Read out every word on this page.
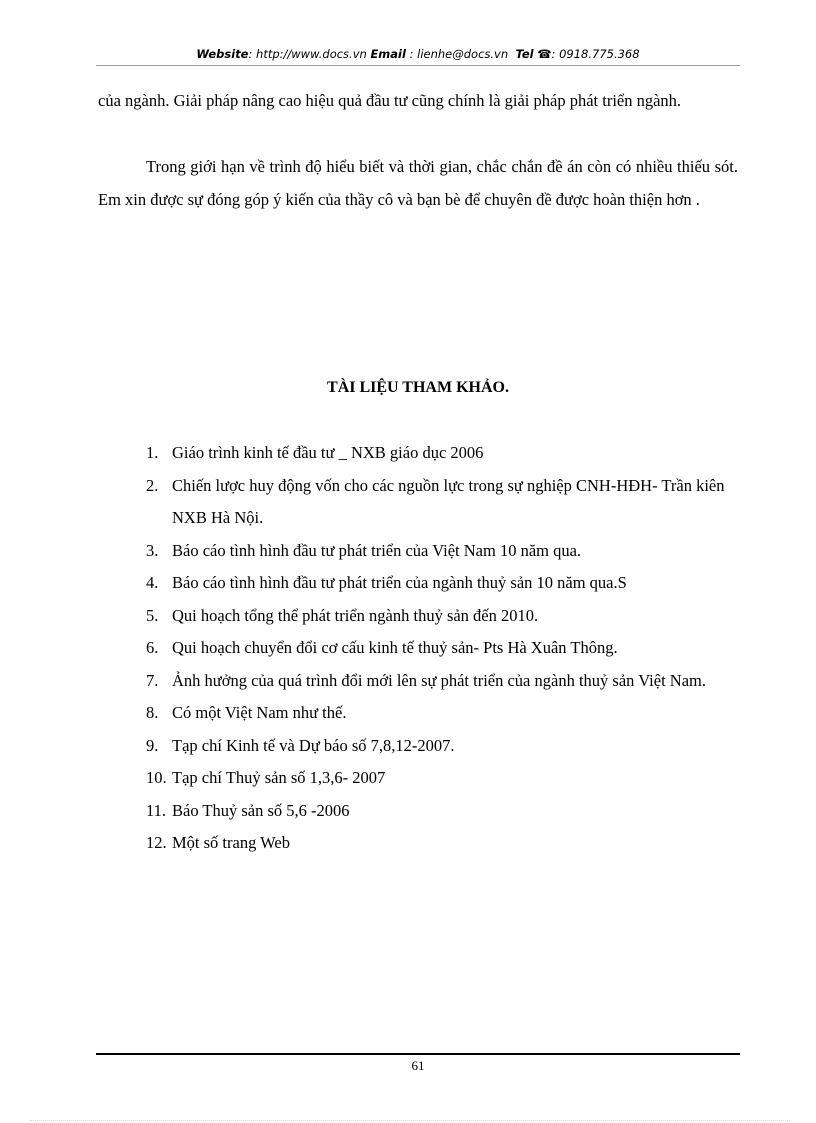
Website: http://www.docs.vn Email : lienhe@docs.vn Tel ☎: 0918.775.368
của ngành. Giải pháp nâng cao hiệu quả đầu tư cũng chính là giải pháp phát triển ngành.
Trong giới hạn về trình độ hiểu biết và thời gian, chắc chắn đề án còn có nhiều thiếu sót. Em xin được sự đóng góp ý kiến của thầy cô và bạn bè để chuyên đề được hoàn thiện hơn .
TÀI LIỆU THAM KHẢO.
1. Giáo trình kinh tế đầu tư _ NXB giáo dục 2006
2. Chiến lược huy động vốn cho các nguồn lực trong sự nghiệp CNH-HĐH- Trần kiên NXB Hà Nội.
3. Báo cáo tình hình đầu tư phát triển của Việt Nam 10 năm qua.
4. Báo cáo tình hình đầu tư phát triển của ngành thuỷ sản 10 năm qua.S
5. Qui hoạch tổng thể phát triển ngành thuỷ sản đến 2010.
6. Qui hoạch chuyển đổi cơ cấu kinh tế thuỷ sản- Pts Hà Xuân Thông.
7. Ảnh hưởng của quá trình đổi mới lên sự phát triển của ngành thuỷ sản Việt Nam.
8. Có một Việt Nam như thế.
9. Tạp chí Kinh tế và Dự báo số 7,8,12-2007.
10. Tạp chí Thuỷ sản số 1,3,6- 2007
11. Báo Thuỷ sản số 5,6 -2006
12. Một số trang Web
61
